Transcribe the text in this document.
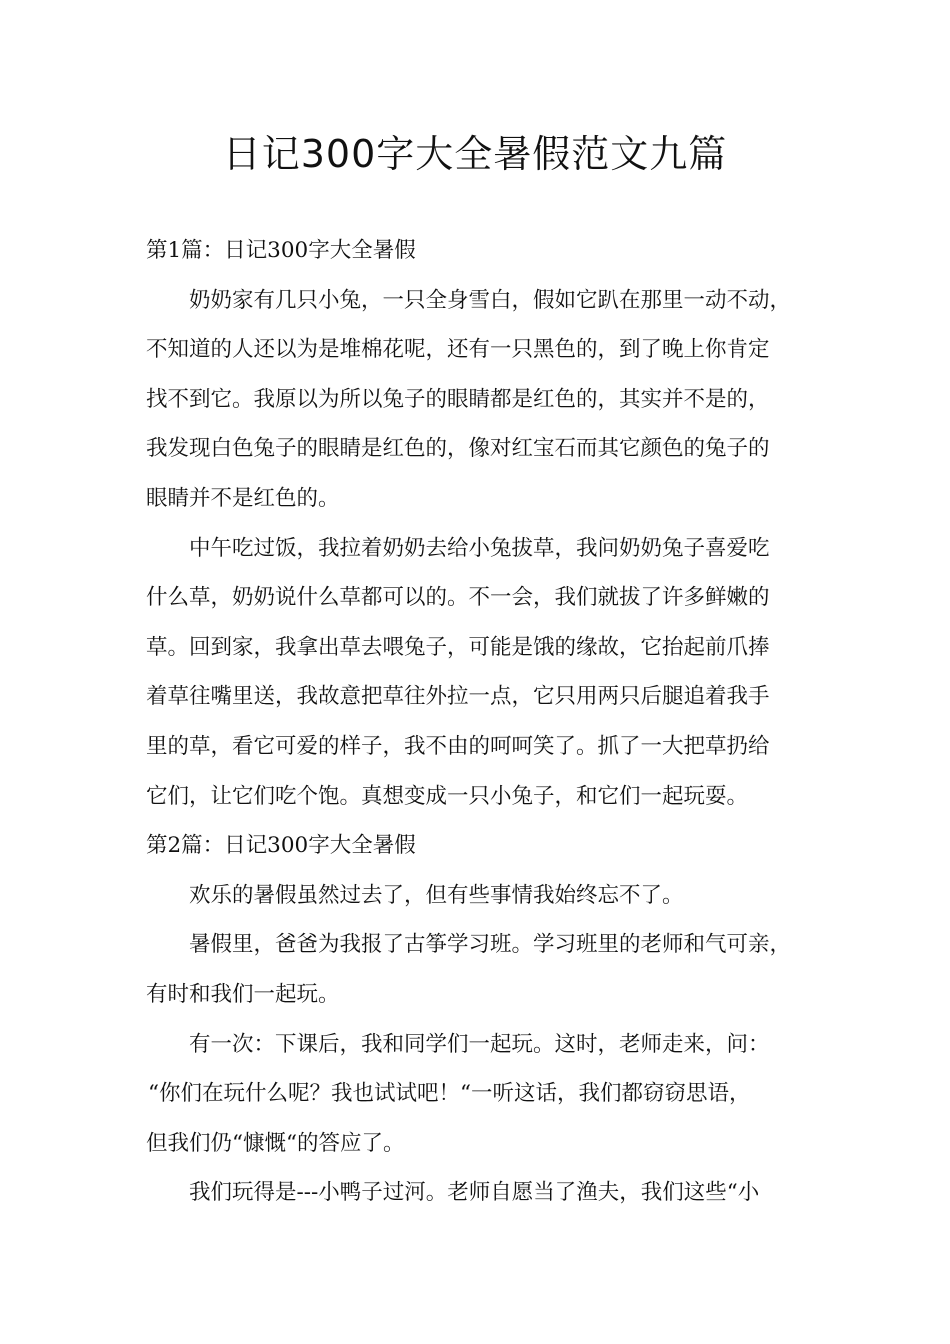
日记300字大全暑假范文九篇

第1篇：日记300字大全暑假

奶奶家有几只小兔，一只全身雪白，假如它趴在那里一动不动，

不知道的人还以为是堆棉花呢，还有一只黑色的，到了晚上你肯定

找不到它。我原以为所以兔子的眼睛都是红色的，其实并不是的，

我发现白色兔子的眼睛是红色的，像对红宝石而其它颜色的兔子的

眼睛并不是红色的。

中午吃过饭，我拉着奶奶去给小兔拔草，我问奶奶兔子喜爱吃

什么草，奶奶说什么草都可以的。不一会，我们就拔了许多鲜嫩的

草。回到家，我拿出草去喂兔子，可能是饿的缘故，它抬起前爪捧

着草往嘴里送，我故意把草往外拉一点，它只用两只后腿追着我手

里的草，看它可爱的样子，我不由的呵呵笑了。抓了一大把草扔给

它们，让它们吃个饱。真想变成一只小兔子，和它们一起玩耍。

第2篇：日记300字大全暑假

欢乐的暑假虽然过去了，但有些事情我始终忘不了。

暑假里，爸爸为我报了古筝学习班。学习班里的老师和气可亲，

有时和我们一起玩。

有一次：下课后，我和同学们一起玩。这时，老师走来，问：

“你们在玩什么呢？我也试试吧！“一听这话，我们都窃窃思语，

但我们仍“慷慨“的答应了。

我们玩得是---小鸭子过河。老师自愿当了渔夫，我们这些“小
